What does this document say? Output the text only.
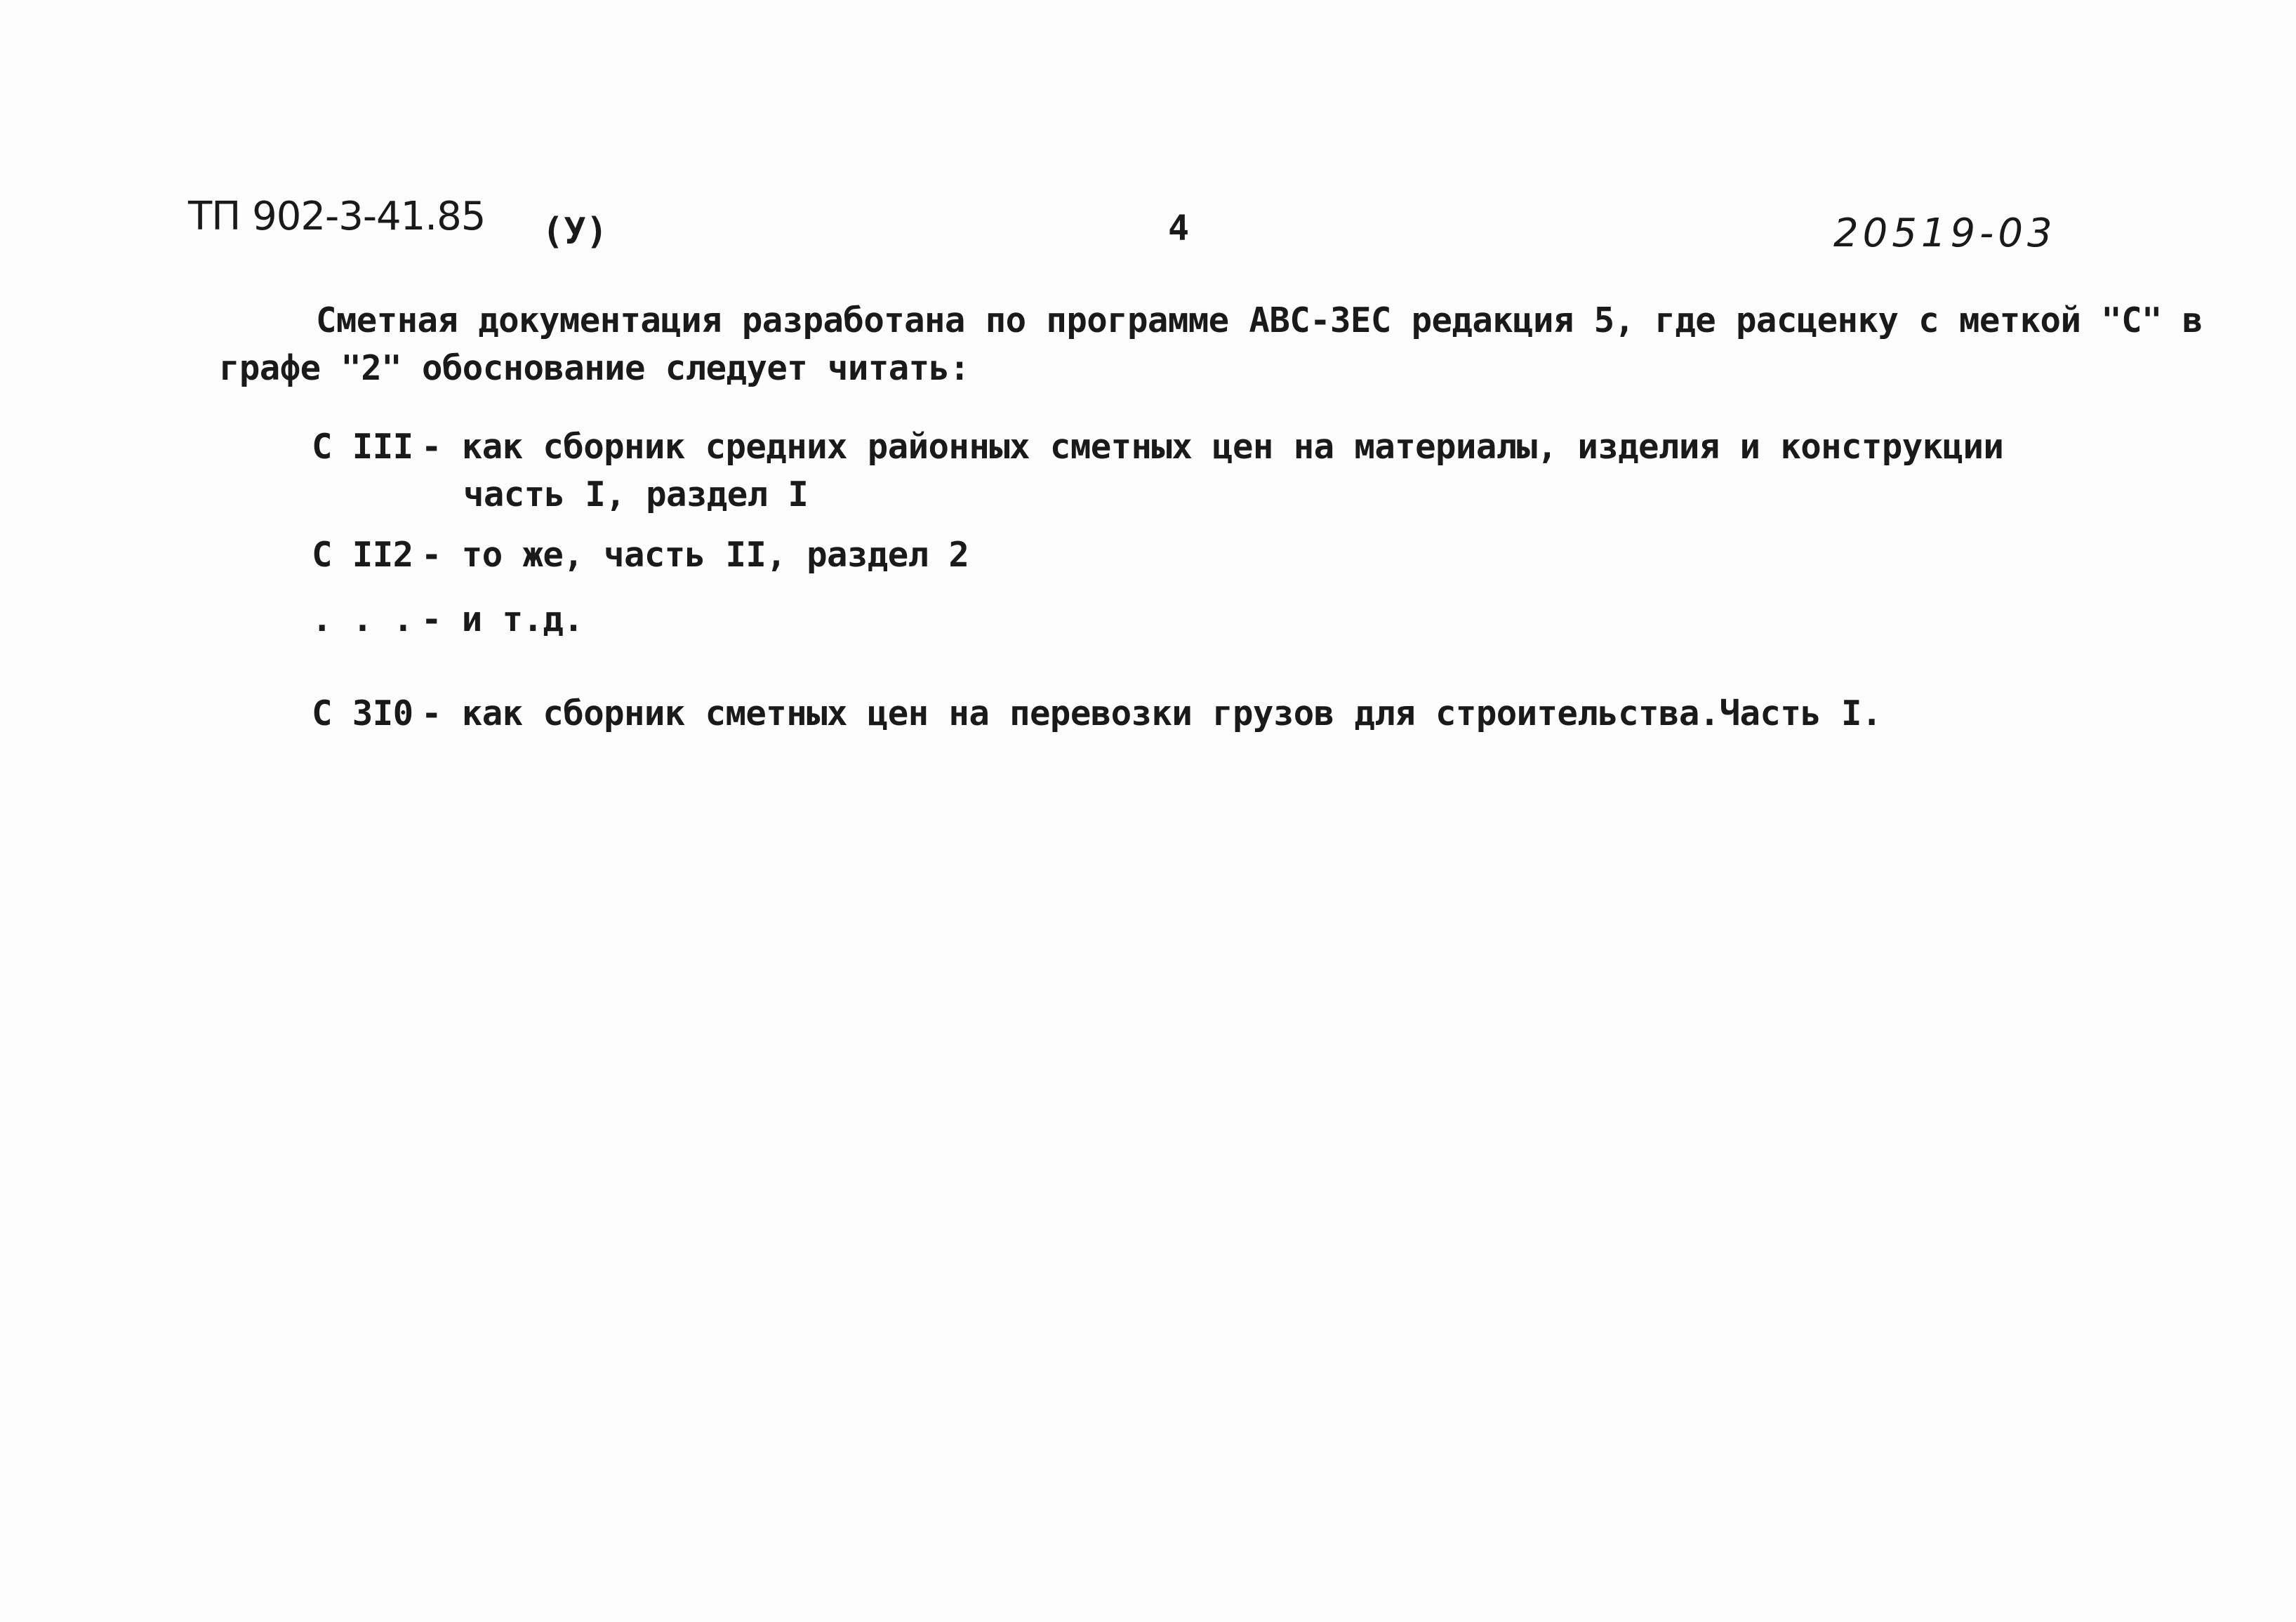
ТП 902-3-41.85 (У)	4	20519-03
Сметная документация разработана по программе АВС-ЗЕС редакция 5, где расценку с меткой "С" в
графе "2" обоснование следует читать:
С III - как сборник средних районных сметных цен на материалы, изделия и конструкции
часть I, раздел I
С II2 - то же, часть II, раздел 2
. . . - и т.д.
С 3I0 - как сборник сметных цен на перевозки грузов для строительства.Часть I.
